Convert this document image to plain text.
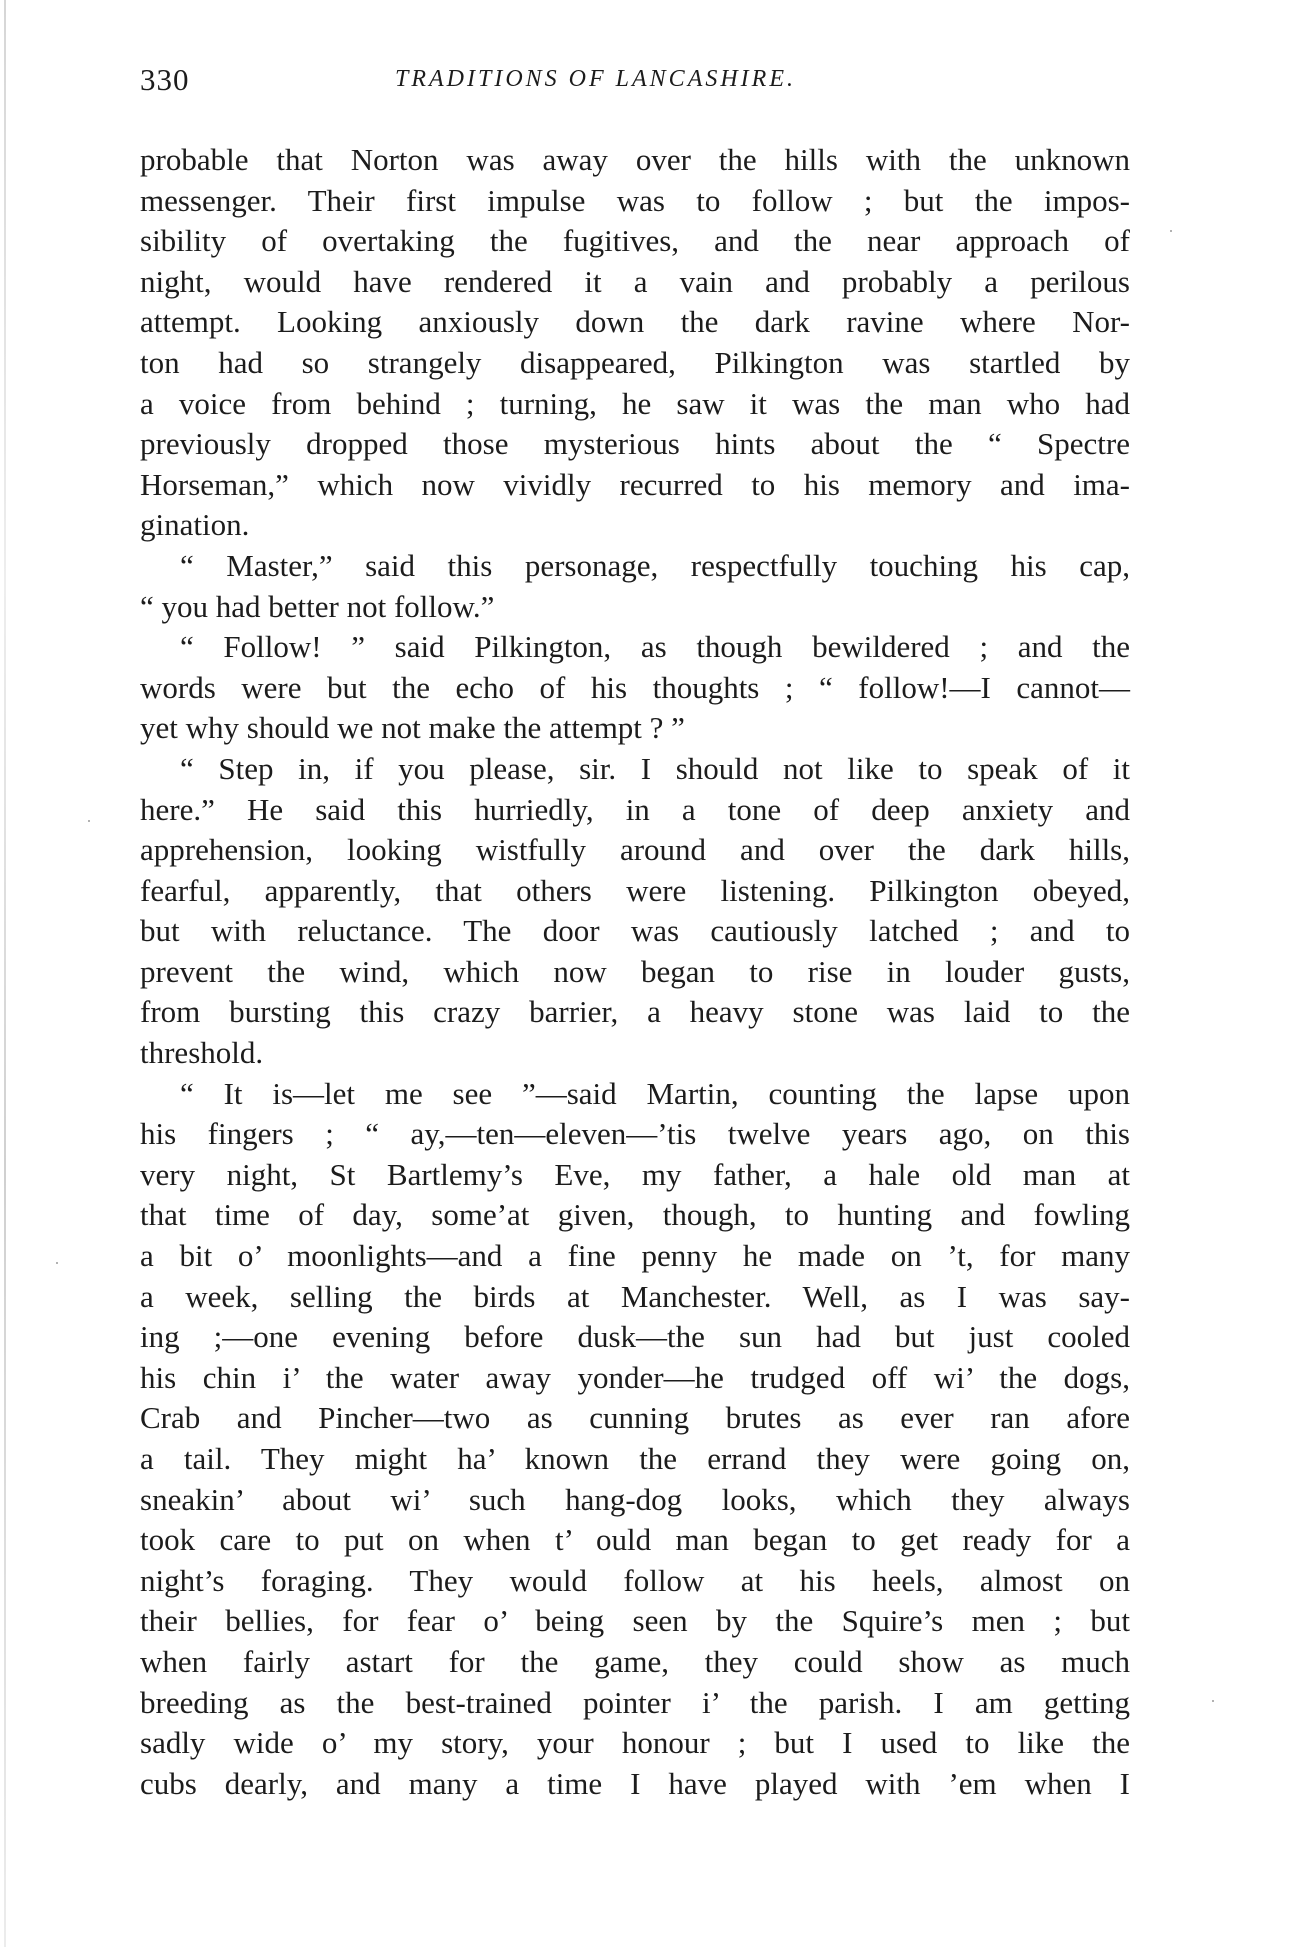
330	TRADITIONS OF LANCASHIRE.
probable that Norton was away over the hills with the unknown
messenger. Their first impulse was to follow ; but the impos-
sibility of overtaking the fugitives, and the near approach of
night, would have rendered it a vain and probably a perilous
attempt. Looking anxiously down the dark ravine where Nor-
ton had so strangely disappeared, Pilkington was startled by
a voice from behind ; turning, he saw it was the man who had
previously dropped those mysterious hints about the “ Spectre
Horseman,” which now vividly recurred to his memory and ima-
gination.
“ Master,” said this personage, respectfully touching his cap,
“ you had better not follow.”
“ Follow! ” said Pilkington, as though bewildered ; and the
words were but the echo of his thoughts ; “ follow!—I cannot—
yet why should we not make the attempt ? ”
“ Step in, if you please, sir. I should not like to speak of it
here.” He said this hurriedly, in a tone of deep anxiety and
apprehension, looking wistfully around and over the dark hills,
fearful, apparently, that others were listening. Pilkington obeyed,
but with reluctance. The door was cautiously latched ; and to
prevent the wind, which now began to rise in louder gusts,
from bursting this crazy barrier, a heavy stone was laid to the
threshold.
“ It is—let me see ”—said Martin, counting the lapse upon
his fingers ; “ ay,—ten—eleven—’tis twelve years ago, on this
very night, St Bartlemy’s Eve, my father, a hale old man at
that time of day, some’at given, though, to hunting and fowling
a bit o’ moonlights—and a fine penny he made on ’t, for many
a week, selling the birds at Manchester. Well, as I was say-
ing ;—one evening before dusk—the sun had but just cooled
his chin i’ the water away yonder—he trudged off wi’ the dogs,
Crab and Pincher—two as cunning brutes as ever ran afore
a tail. They might ha’ known the errand they were going on,
sneakin’ about wi’ such hang-dog looks, which they always
took care to put on when t’ ould man began to get ready for a
night’s foraging. They would follow at his heels, almost on
their bellies, for fear o’ being seen by the Squire’s men ; but
when fairly astart for the game, they could show as much
breeding as the best-trained pointer i’ the parish. I am getting
sadly wide o’ my story, your honour ; but I used to like the
cubs dearly, and many a time I have played with ’em when I
